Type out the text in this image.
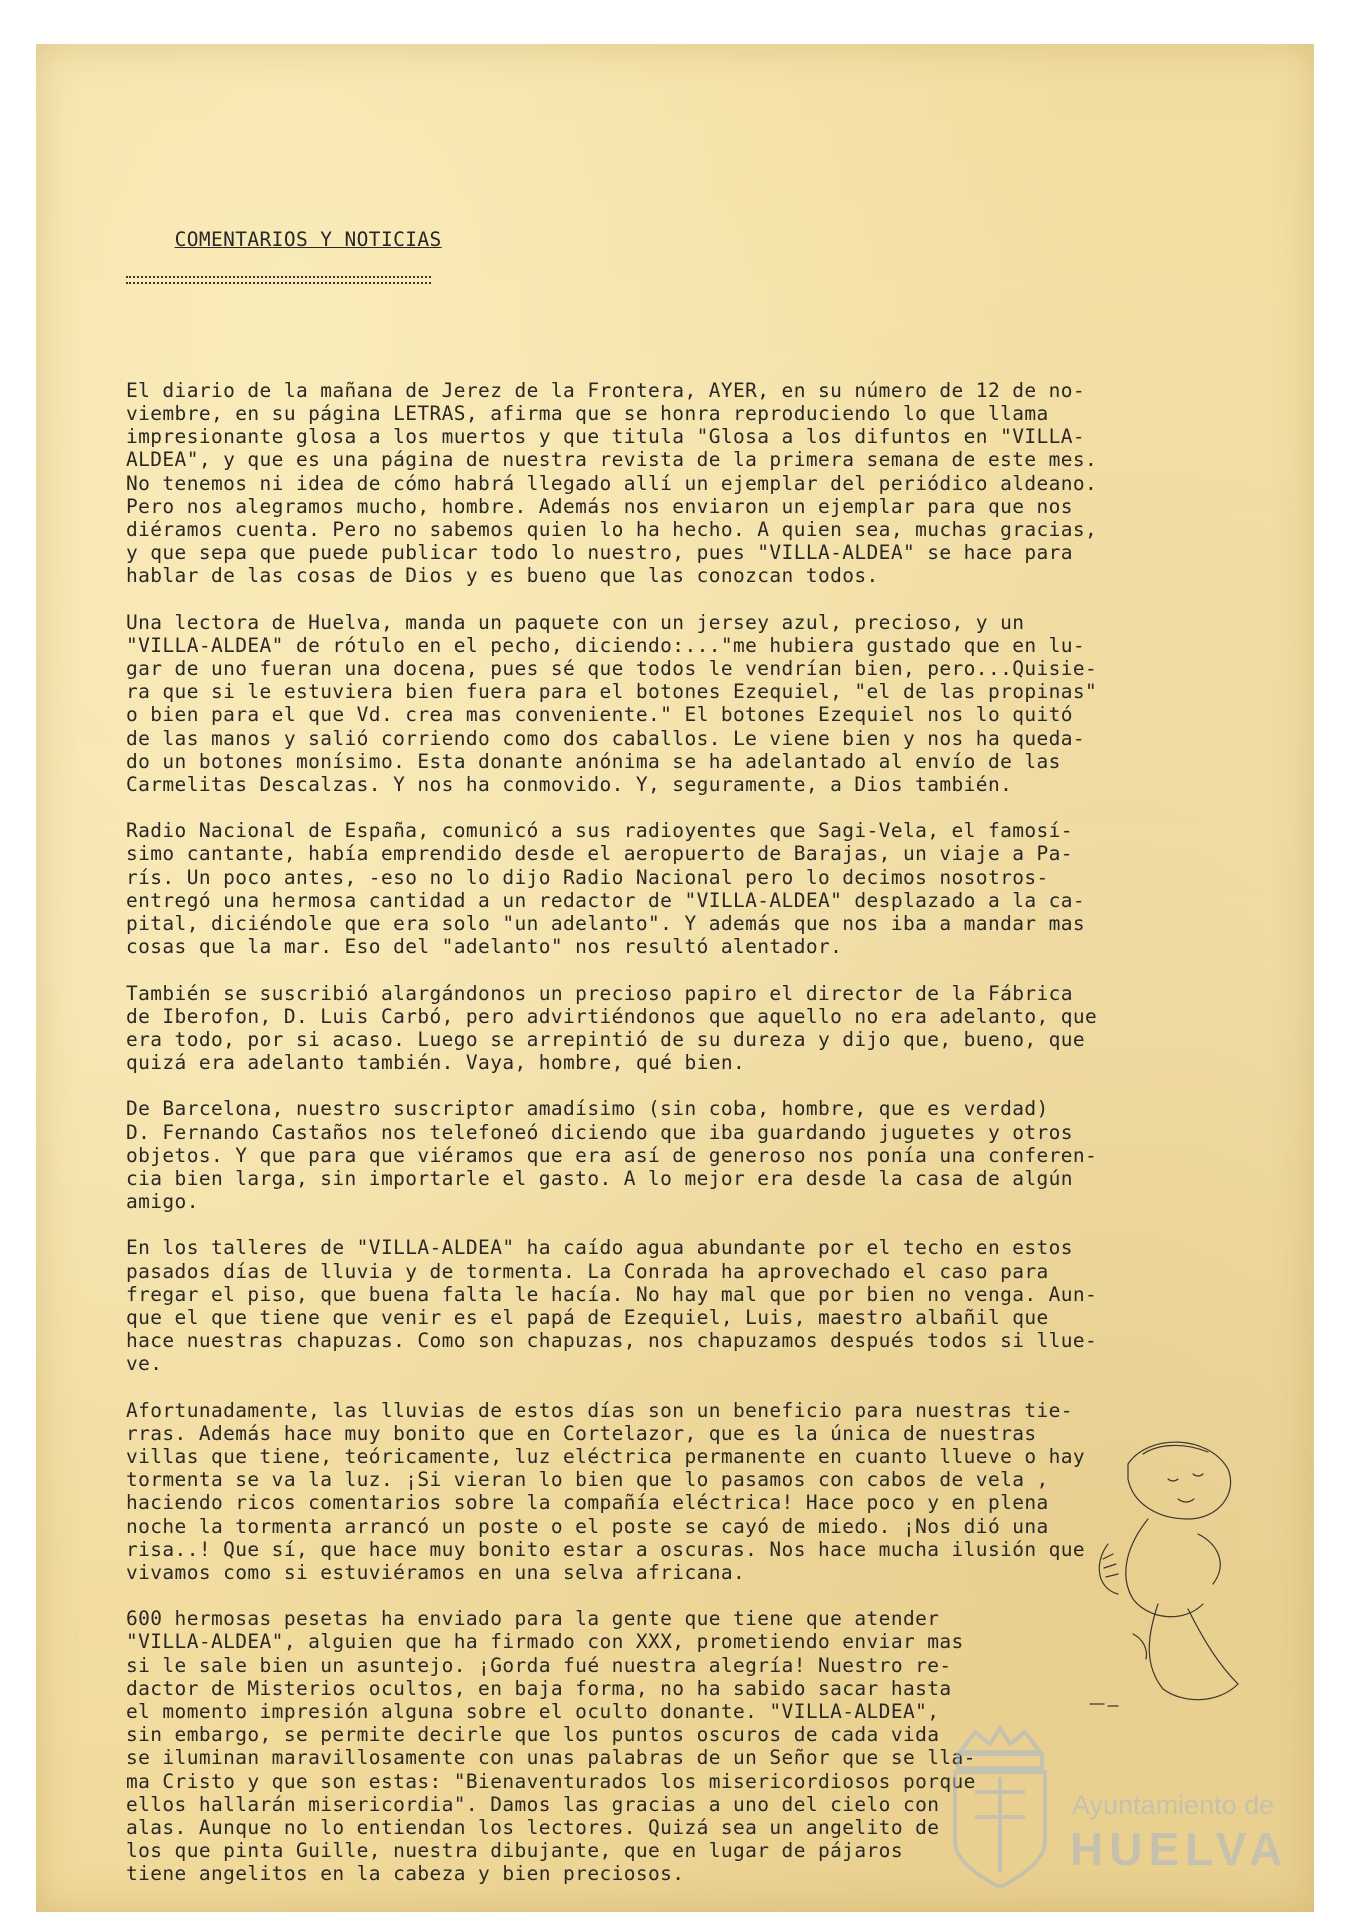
COMENTARIOS Y NOTICIAS

El diario de la mañana de Jerez de la Frontera, AYER, en su número de 12 de no-
viembre, en su página LETRAS, afirma que se honra reproduciendo lo que llama
impresionante glosa a los muertos y que titula "Glosa a los difuntos en "VILLA-
ALDEA", y que es una página de nuestra revista de la primera semana de este mes.
No tenemos ni idea de cómo habrá llegado allí un ejemplar del periódico aldeano.
Pero nos alegramos mucho, hombre. Además nos enviaron un ejemplar para que nos
diéramos cuenta. Pero no sabemos quien lo ha hecho. A quien sea, muchas gracias,
y que sepa que puede publicar todo lo nuestro, pues "VILLA-ALDEA" se hace para
hablar de las cosas de Dios y es bueno que las conozcan todos.
Una lectora de Huelva, manda un paquete con un jersey azul, precioso, y un
"VILLA-ALDEA" de rótulo en el pecho, diciendo:..."me hubiera gustado que en lu-
gar de uno fueran una docena, pues sé que todos le vendrían bien, pero...Quisie-
ra que si le estuviera bien fuera para el botones Ezequiel, "el de las propinas"
o bien para el que Vd. crea mas conveniente." El botones Ezequiel nos lo quitó
de las manos y salió corriendo como dos caballos. Le viene bien y nos ha queda-
do un botones monísimo. Esta donante anónima se ha adelantado al envío de las
Carmelitas Descalzas. Y nos ha conmovido. Y, seguramente, a Dios también.
Radio Nacional de España, comunicó a sus radioyentes que Sagi-Vela, el famosí-
simo cantante, había emprendido desde el aeropuerto de Barajas, un viaje a Pa-
rís. Un poco antes, -eso no lo dijo Radio Nacional pero lo decimos nosotros-
entregó una hermosa cantidad a un redactor de "VILLA-ALDEA" desplazado a la ca-
pital, diciéndole que era solo "un adelanto". Y además que nos iba a mandar mas
cosas que la mar. Eso del "adelanto" nos resultó alentador.
También se suscribió alargándonos un precioso papiro el director de la Fábrica
de Iberofon, D. Luis Carbó, pero advirtiéndonos que aquello no era adelanto, que
era todo, por si acaso. Luego se arrepintió de su dureza y dijo que, bueno, que
quizá era adelanto también. Vaya, hombre, qué bien.
De Barcelona, nuestro suscriptor amadísimo (sin coba, hombre, que es verdad)
D. Fernando Castaños nos telefoneó diciendo que iba guardando juguetes y otros
objetos. Y que para que viéramos que era así de generoso nos ponía una conferen-
cia bien larga, sin importarle el gasto. A lo mejor era desde la casa de algún
amigo.
En los talleres de "VILLA-ALDEA" ha caído agua abundante por el techo en estos
pasados días de lluvia y de tormenta. La Conrada ha aprovechado el caso para
fregar el piso, que buena falta le hacía. No hay mal que por bien no venga. Aun-
que el que tiene que venir es el papá de Ezequiel, Luis, maestro albañil que
hace nuestras chapuzas. Como son chapuzas, nos chapuzamos después todos si llue-
ve.
Afortunadamente, las lluvias de estos días son un beneficio para nuestras tie-
rras. Además hace muy bonito que en Cortelazor, que es la única de nuestras
villas que tiene, teóricamente, luz eléctrica permanente en cuanto llueve o hay
tormenta se va la luz. ¡Si vieran lo bien que lo pasamos con cabos de vela ,
haciendo ricos comentarios sobre la compañía eléctrica! Hace poco y en plena
noche la tormenta arrancó un poste o el poste se cayó de miedo. ¡Nos dió una
risa..! Que sí, que hace muy bonito estar a oscuras. Nos hace mucha ilusión que
vivamos como si estuviéramos en una selva africana.
600 hermosas pesetas ha enviado para la gente que tiene que atender
"VILLA-ALDEA", alguien que ha firmado con XXX, prometiendo enviar mas
si le sale bien un asuntejo. ¡Gorda fué nuestra alegría! Nuestro re-
dactor de Misterios ocultos, en baja forma, no ha sabido sacar hasta
el momento impresión alguna sobre el oculto donante. "VILLA-ALDEA",
sin embargo, se permite decirle que los puntos oscuros de cada vida
se iluminan maravillosamente con unas palabras de un Señor que se lla-
ma Cristo y que son estas: "Bienaventurados los misericordiosos porque
ellos hallarán misericordia". Damos las gracias a uno del cielo con
alas. Aunque no lo entiendan los lectores. Quizá sea un angelito de
los que pinta Guille, nuestra dibujante, que en lugar de pájaros
tiene angelitos en la cabeza y bien preciosos.

Ayuntamiento de
HUELVA
